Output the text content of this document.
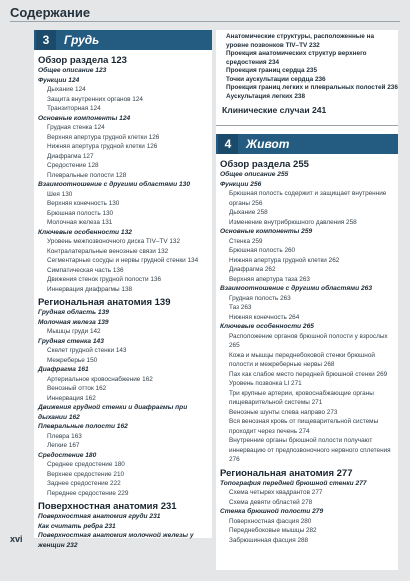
Содержание
3	Грудь
Обзор раздела 123
Общее описание 123
Функции 124
Дыхание 124
Защита внутренних органов 124
Транзиторная 124
Основные компоненты 124
Грудная стенка 124
Верхняя апертура грудной клетки 126
Нижняя апертура грудной клетки 126
Диафрагма 127
Средостение 128
Плевральные полости 128
Взаимоотношение с другими областями 130
Шея 130
Верхняя конечность 130
Брюшная полость 130
Молочная железа 131
Ключевые особенности 132
Уровень межпозвоночного диска TIV–TV 132
Контралатеральные венозные связи 132
Сегментарные сосуды и нервы грудной стенки 134
Симпатическая часть 136
Движения стенок грудной полости 136
Иннервация диафрагмы 138
Региональная анатомия 139
Грудная область 139
Молочная железа 139
Мышцы груди 142
Грудная стенка 143
Скелет грудной стенки 143
Межреберье 150
Диафрагма 161
Артериальное кровоснабжение 162
Венозный отток 162
Иннервация 162
Движения грудной стенки и диафрагмы при дыхании 162
Плевральные полости 162
Плевра 163
Легкие 167
Средостение 180
Среднее средостение 180
Верхнее средостение 210
Заднее средостение 222
Переднее средостение 229
Поверхностная анатомия 231
Поверхностная анатомия груди 231
Как считать ребра 231
Поверхностная анатомия молочной железы у женщин 232
Анатомические структуры, расположенные на уровне позвонков TIV–TV 232
Проекция анатомических структур верхнего средостения 234
Проекция границ сердца 235
Точки аускультации сердца 236
Проекция границ легких и плевральных полостей 236
Аускультация легких 238
Клинические случаи 241
4	Живот
Обзор раздела 255
Общее описание 255
Функции 256
Брюшная полость содержит и защищает внутренние органы 256
Дыхание 258
Изменение внутрибрюшного давления 258
Основные компоненты 259
Стенка 259
Брюшная полость 260
Нижняя апертура грудной клетки 262
Диафрагма 262
Верхняя апертура таза 263
Взаимоотношение с другими областями 263
Грудная полость 263
Таз 263
Нижняя конечность 264
Ключевые особенности 265
Расположение органов брюшной полости у взрослых 265
Кожа и мышцы переднебоковой стенки брюшной полости и межреберные нервы 268
Пах как слабое место передней брюшной стенки 269
Уровень позвонка LI 271
Три крупные артерии, кровоснабжающие органы пищеварительной системы 271
Венозные шунты слева направо 273
Вся венозная кровь от пищеварительной системы проходит через печень 274
Внутренние органы брюшной полости получают иннервацию от предпозвоночного нервного сплетения 276
Региональная анатомия 277
Топография передней брюшной стенки 277
Схема четырех квадрантов 277
Схема девяти областей 278
Стенка брюшной полости 279
Поверхностная фасция 280
Переднебоковые мышцы 282
Забрюшинная фасция 288
xvi
